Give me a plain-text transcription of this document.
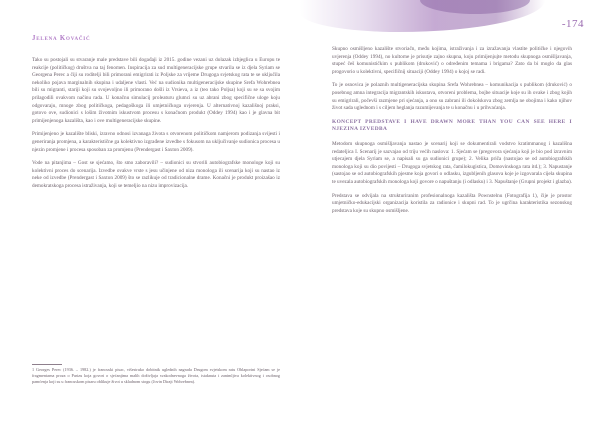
-174
Jelena Kovačić

Tako su postojali su stvaranje male predstave bili događaji iz 2015. godine vezani uz dolazak izbjeglica u Europu te reakcije (političkog) društva na taj fenomen. Inspiracija za sud multigeneracijske grupe stvarila se iz djela Syriam se Georgena Perec a čiji su roditelji bili primorani emigrirati iz Poljske za vrijeme Drugoga svjetskog rata te se uključila nekoliko pojava marginalnih skupina i udaljene vlasti. Već na sudionika multigeneracijske skupine Srefa Wohrebnea bili su migranti, stariji koji su svojevoljno ili primorano došli iz Vrsieva, a iz (teo tako Poljsa) koji su se sa svojim prilagodili ovakvom načinu rada. U konačnu simulacij proleaturu glumci su uz abrani zbog specifične uloge koju odgovaraju, mnoge zbog političkoga, pedagoškoga ili umjetničkoga uvjerenja. U alternativnoj kazališnoj praksi, gotovo ove, sudionici s lošim životnim iskustvom procesu s konačnom produkt (Oddey 1994) kao i je glavna bit primijenjenoga kazališta, kao i ove multigeneracijske skupine.

Primijenjeno je kazalište bliski, izravno odnosi izvanaga života s otvorenom političkom namjerom podizanja svijesti i generiranja promjena, a karakteristične ga kolektivno izgrađene izvedbe s fokusom na uključivanje sudionica procesa u njezin promjene i procesa sposoban za promjenu (Prendergast i Saxton 2009).

Vode na pitanjima – Gost se sjećamo, što smo zaboravili? – sudionici su stvorili autobiografske monologe koji su kolektivni proces do scenarija. Izvedbe ovakve vrste s jesu učinjene od niza monologa ili scenarija koji su nastao iz neke od izvedbe (Prendergast i Saxton 2009) što se razlikuje od tradicionalne drame. Konačni je produkt proizašao iz demokratskoga procesa istraživanja, koji se temeljio na nizu improvizacija.

1 Georges Perec (1936. – 1982.) je francuski pisac, višestruko dobitnik uglednih nagrada Drugom svjetskom ratu Oblaporini Sjećam se je fragmentarna proza o Parizu koja govori o sjećanjima malih doživljaja svakodnevnoga života, istaknuta i zanimljiva kolektivnog i osobnog pamćenja koji su u francuskom pisaru oblikuje život u skladnom stogu (Jovin Dirajt Wohrebnea).

Skupno osmišljeno kazalište stvoriačn, među kojima, istraživanja i za izražavanja vlastite političke i njegovih uvjerenja (Oddey 1994), no kultorne je prisutje zajno skupna, koju primijenjujte metodu skupnoga osmišljavanja, stupeć češ komunističkim s publikom (druković) o određenim temama i brigama? Zato da bi moglo da glas progovorio u kolektivni, specifičnij situaciji (Oddey 1994) o kojoj se radi.

To je osnovica je polaznih multigeneracijska skupina Srefa Wohrebnea – komunikacija s publikom (druković) o posebnog amna integracija migrantskih iskustava, otvoreni problema, bojbe situacije koje su ih ovake i zbog kojih su emigrirali, počevši razmjene pri sjećanja, a ono su zabrani ili dokolskova zbog zemlja ne obojima i kako njihov život sada uglednom i s ciljem heglanja razumijevanja te u konačnu i u prihvaćanja.

KONCEPT PREDSTAVE I HAVE DRAWN MORE THAN YOU CAN SEE HERE I NJEZINA IZVEDBA

Metodom skupnoga osmišljavanja nastao je scenarij koji se dokumentirali vodstvo kratimmanog i kazališna redateljica I. Scenarij je sazvajao od triju većih naslova: 1. Sjećam se (pregovora sjećanja koji je bio pod izravnim utjecajem djela Syriam se, a napisali su ga sudionici grupe); 2. Velika priča (nastojao se od autobiografskih monologa koji su dio povijesti – Drugoga svjetskog rata, čamilokugistica, Domovinskoga rata itd.); 3. Napustanje (sastojao se od autobiografskih pjesme koja govori o odlasku, izgubljenih glasova koje je izgovarala cijela skupina te uvezala autobiografskih monologa koji govore o napuštanju (i odlasku) i 3. Napuštanje (Grupni projekt i glazba).

Predstava se odvijala na strukturiranim profesionalnoga kazališta Pownstelnu (Fotografija 1), čije je prostor umjetničko-edukacijski organizacija koristila za radionice i skupni rad. To je ugrčina karakteristika sezonskog predstava koje su skupno osmišljene.
